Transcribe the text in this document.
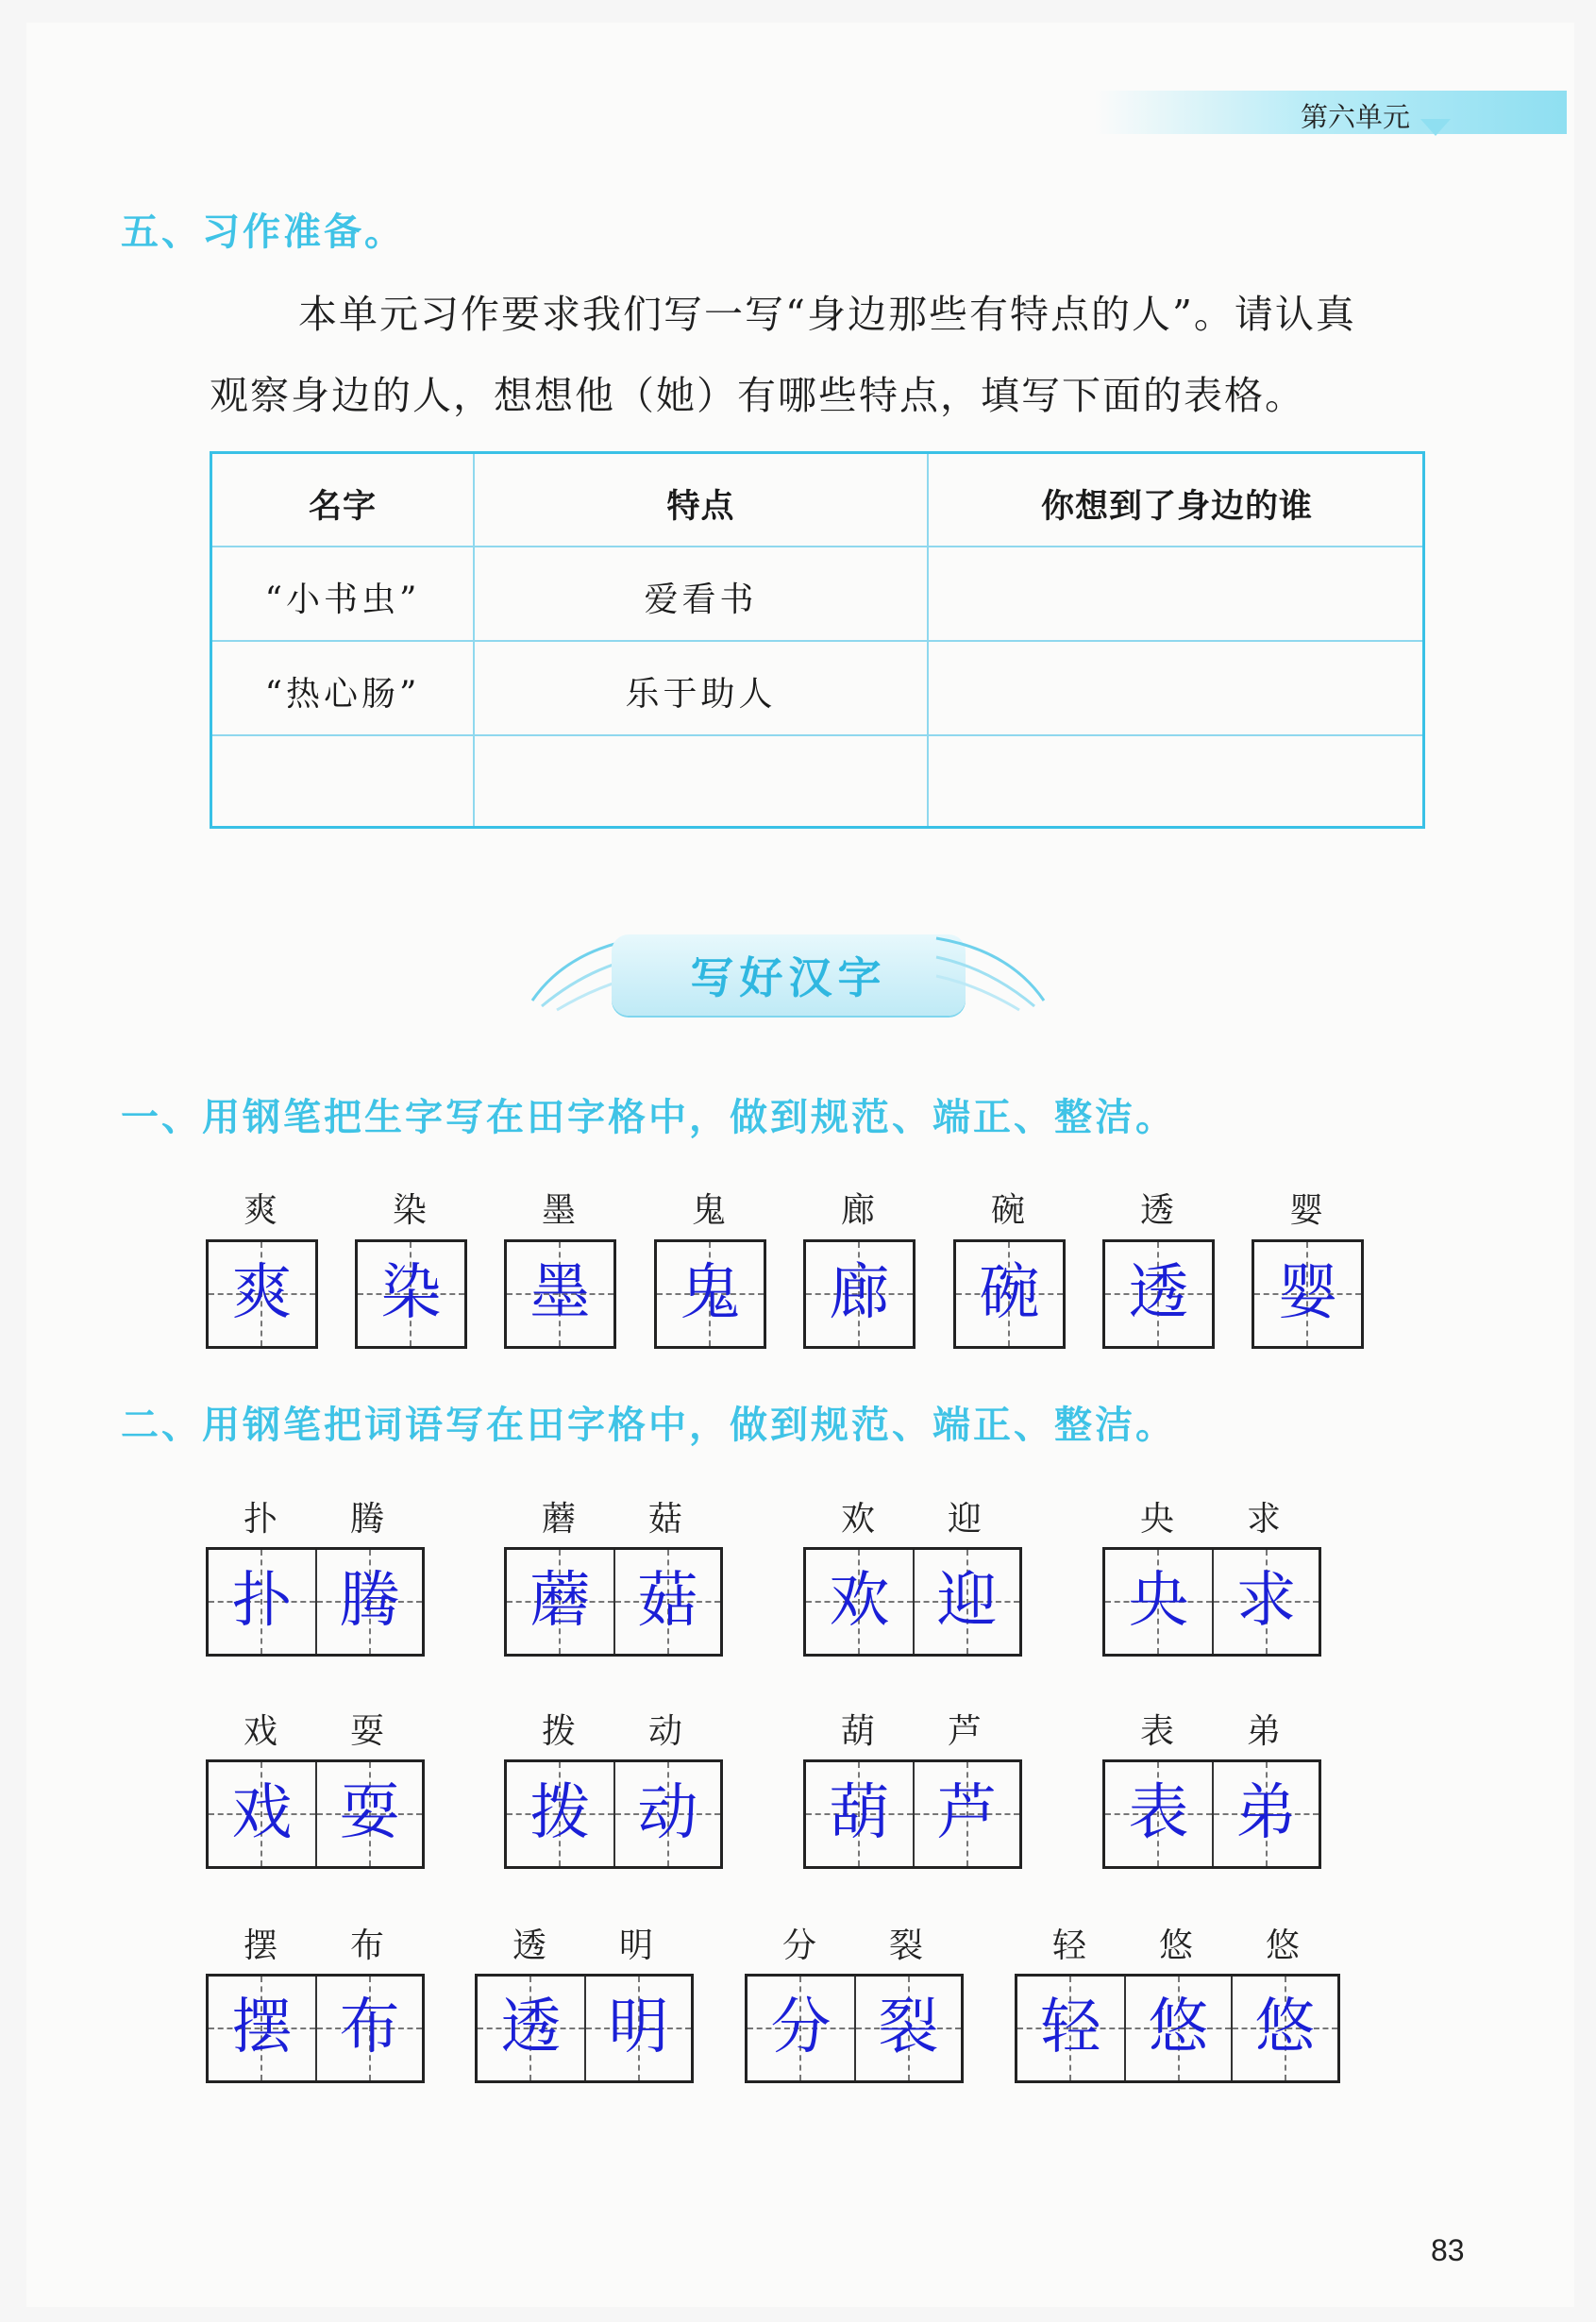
第六单元
五、习作准备。
本单元习作要求我们写一写“身边那些有特点的人”。请认真
观察身边的人，想想他（她）有哪些特点，填写下面的表格。
名字	特点	你想到了身边的谁
“小书虫”	爱看书
“热心肠”	乐于助人
写好汉字
一、用钢笔把生字写在田字格中，做到规范、端正、整洁。
爽
爽
染
染
墨
墨
鬼
鬼
廊
廊
碗
碗
透
透
婴
婴
二、用钢笔把词语写在田字格中，做到规范、端正、整洁。
扑	腾
扑 腾
蘑	菇
蘑 菇
欢	迎
欢 迎
央	求
央 求
戏	耍
戏 耍
拨	动
拨 动
葫	芦
葫 芦
表	弟
表 弟
摆	布
摆 布
透	明
透 明
分	裂
分 裂
轻	悠	悠
轻 悠 悠
83
